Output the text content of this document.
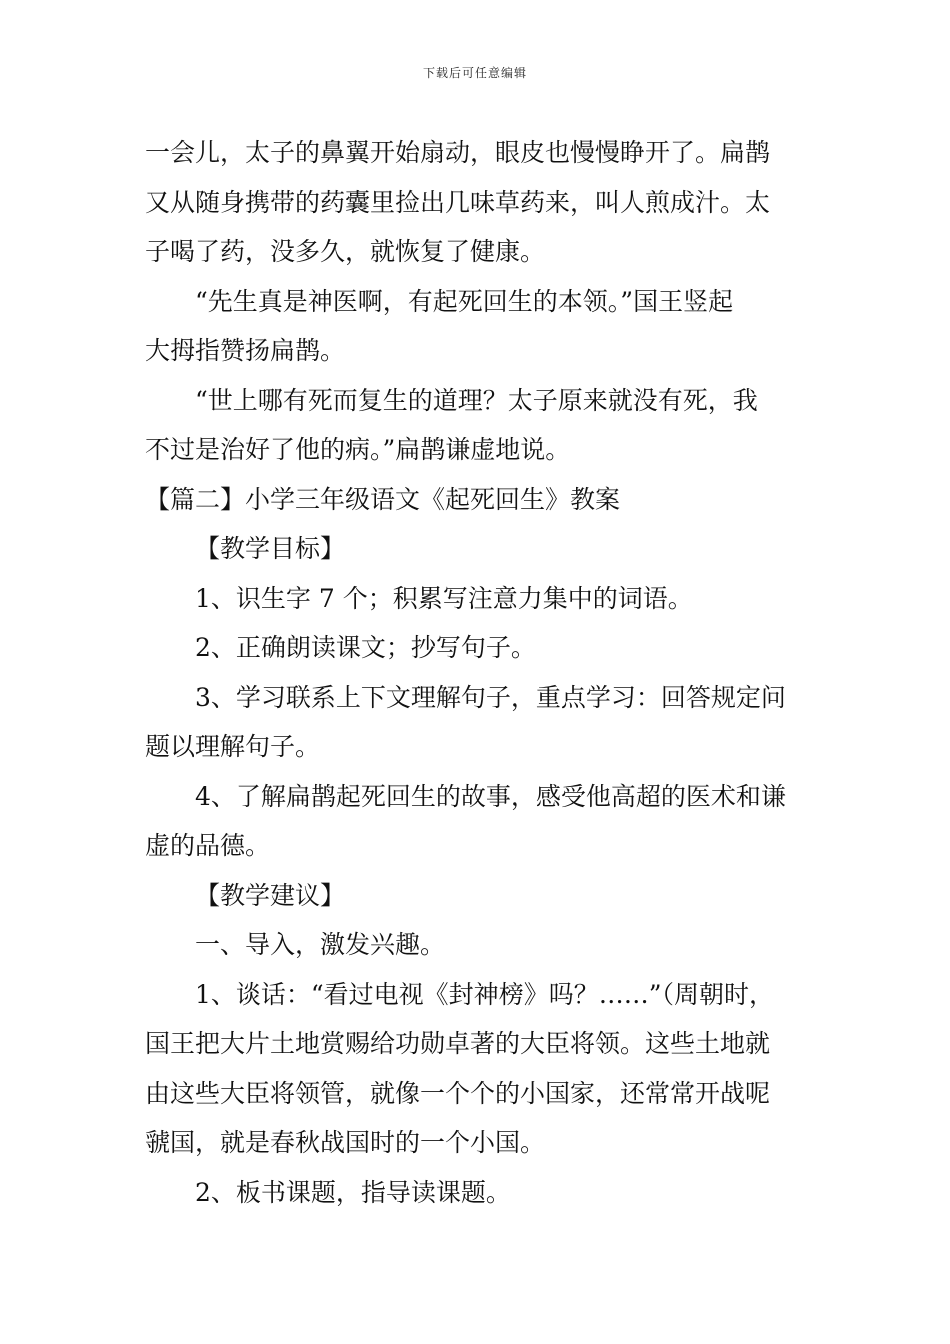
下载后可任意编辑
一会儿，太子的鼻翼开始扇动，眼皮也慢慢睁开了。扁鹊
又从随身携带的药囊里捡出几味草药来，叫人煎成汁。太
子喝了药，没多久，就恢复了健康。
“先生真是神医啊，有起死回生的本领。”国王竖起
大拇指赞扬扁鹊。
“世上哪有死而复生的道理？太子原来就没有死，我
不过是治好了他的病。”扁鹊谦虚地说。
【篇二】小学三年级语文《起死回生》教案
【教学目标】
1、识生字 7 个；积累写注意力集中的词语。
2、正确朗读课文；抄写句子。
3、学习联系上下文理解句子，重点学习：回答规定问
题以理解句子。
4、了解扁鹊起死回生的故事，感受他高超的医术和谦
虚的品德。
【教学建议】
一、导入，激发兴趣。
1、谈话：“看过电视《封神榜》吗？……”（周朝时，
国王把大片土地赏赐给功勋卓著的大臣将领。这些土地就
由这些大臣将领管，就像一个个的小国家，还常常开战呢
虢国，就是春秋战国时的一个小国。
2、板书课题，指导读课题。
